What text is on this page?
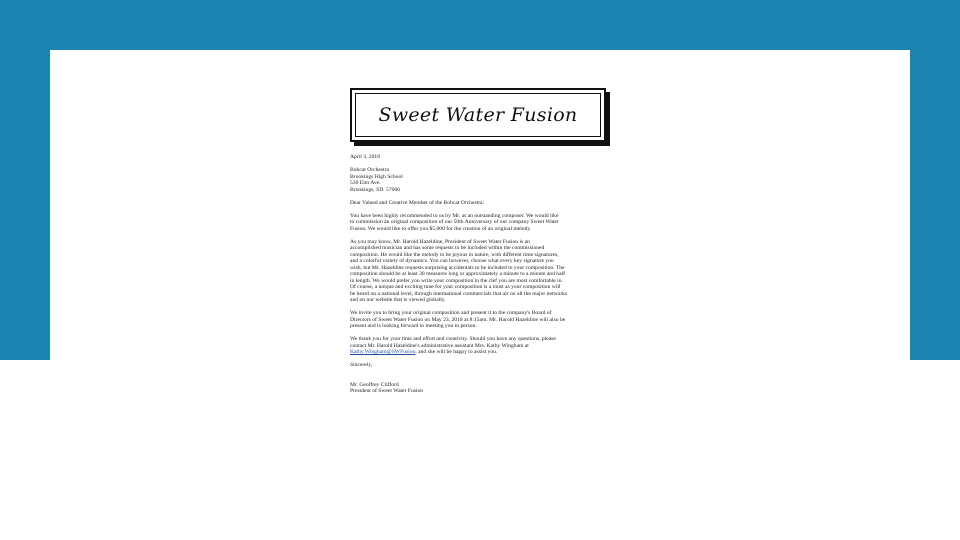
Sweet Water Fusion
April 3, 2018
Bobcat Orchestra
Brookings High School
530 Elm Ave.
Brookings, SD. 57006
Dear Valued and Creative Member of the Bobcat Orchestra:
You have been highly recommended to us by Mr. as an outstanding composer. We would like
to commission an original composition of our 50th Anniversary of our company Sweet Water
Fusion. We would like to offer you $5,000 for the creation of an original melody.
As you may know, Mr. Harold Hazeldine, President of Sweet Water Fusion is an
accomplished musician and has some requests to be included within the commissioned
composition. He would like the melody to be joyous in nature, with different time signatures,
and a colorful variety of dynamics. You can however, choose what every key signature you
wish, but Mr. Hazeldine requests surprising accidentals to be included in your composition. The
composition should be at least 30 measures long or approximately a minute to a minute and half
in length. We would prefer you write your composition in the clef you are most comfortable in.
Of course, a unique and exciting tune for your composition is a must as your composition will
be heard on a national level, through international commercials that air on all the major networks
and on our website that is viewed globally.
We invite you to bring your original composition and present it to the company's Board of
Directors of Sweet Water Fusion on May 23, 2018 at 8:15am. Mr. Harold Hazeldine will also be
present and is looking forward to meeting you in person.
We thank you for your time and effort and creativity. Should you have any questions, please
contact Mr. Harold Hazeldine's administrative assistant Mrs. Kathy Wingham at
Kathy.Wingham@SWFusion, and she will be happy to assist you.
Sincerely,
Mr. Geoffrey Clifford
President of Sweet Water Fusion
